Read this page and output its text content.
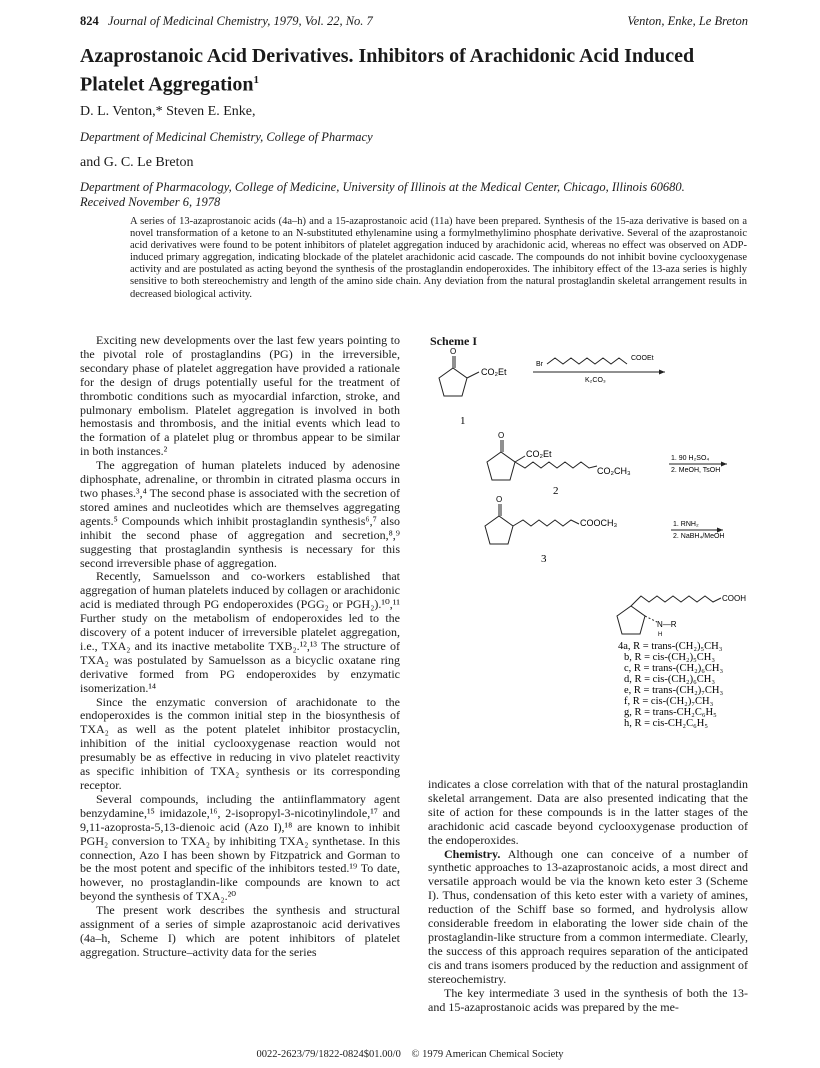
824 Journal of Medicinal Chemistry, 1979, Vol. 22, No. 7	Venton, Enke, Le Breton
Azaprostanoic Acid Derivatives. Inhibitors of Arachidonic Acid Induced Platelet Aggregation$^1$
D. L. Venton,* Steven E. Enke,
Department of Medicinal Chemistry, College of Pharmacy
and G. C. Le Breton
Department of Pharmacology, College of Medicine, University of Illinois at the Medical Center, Chicago, Illinois 60680.
Received November 6, 1978
A series of 13-azaprostanoic acids (4a–h) and a 15-azaprostanoic acid (11a) have been prepared. Synthesis of the 15-aza derivative is based on a novel transformation of a ketone to an N-substituted ethylenamine using a formylmethylimino phosphate derivative. Several of the azaprostanoic acid derivatives were found to be potent inhibitors of platelet aggregation induced by arachidonic acid, whereas no effect was observed on ADP-induced primary aggregation, indicating blockade of the platelet arachidonic acid cascade. The compounds do not inhibit bovine cyclooxygenase activity and are postulated as acting beyond the synthesis of the prostaglandin endoperoxides. The inhibitory effect of the 13-aza series is highly sensitive to both stereochemistry and length of the amino side chain. Any deviation from the natural prostaglandin skeletal arrangement results in decreased biological activity.

Exciting new developments over the last few years pointing to the pivotal role of prostaglandins (PG) in the irreversible, secondary phase of platelet aggregation have provided a rationale for the design of drugs potentially useful for the treatment of thrombotic conditions such as myocardial infarction, stroke, and pulmonary embolism. Platelet aggregation is involved in both hemostasis and thrombosis, and the initial events which lead to the formation of a platelet plug or thrombus appear to be similar in both instances.²

The aggregation of human platelets induced by adenosine diphosphate, adrenaline, or thrombin in citrated plasma occurs in two phases.³,⁴ The second phase is associated with the secretion of stored amines and nucleotides which are themselves aggregating agents.⁵ Compounds which inhibit prostaglandin synthesis⁶,⁷ also inhibit the second phase of aggregation and secretion,⁸,⁹ suggesting that prostaglandin synthesis is necessary for this second irreversible phase of aggregation.

Recently, Samuelsson and co-workers established that aggregation of human platelets induced by collagen or arachidonic acid is mediated through PG endoperoxides (PGG₂ or PGH₂).¹⁰,¹¹ Further study on the metabolism of endoperoxides led to the discovery of a potent inducer of irreversible platelet aggregation, i.e., TXA₂ and its inactive metabolite TXB₂.¹²,¹³ The structure of TXA₂ was postulated by Samuelsson as a bicyclic oxatane ring derivative formed from PG endoperoxides by enzymatic isomerization.¹⁴

Since the enzymatic conversion of arachidonate to the endoperoxides is the common initial step in the biosynthesis of TXA₂ as well as the potent platelet inhibitor prostacyclin, inhibition of the initial cyclooxygenase reaction would not presumably be as effective in reducing in vivo platelet reactivity as specific inhibition of TXA₂ synthesis or its corresponding receptor.

Several compounds, including the antiinflammatory agent benzydamine,¹⁵ imidazole,¹⁶, 2-isopropyl-3-nicotinylindole,¹⁷ and 9,11-azoprosta-5,13-dienoic acid (Azo I),¹⁸ are known to inhibit PGH₂ conversion to TXA₂ by inhibiting TXA₂ synthetase. In this connection, Azo I has been shown by Fitzpatrick and Gorman to be the most potent and specific of the inhibitors tested.¹⁹ To date, however, no prostaglandin-like compounds are known to act beyond the synthesis of TXA₂.²⁰

The present work describes the synthesis and structural assignment of a series of simple azaprostanoic acid derivatives (4a–h, Scheme I) which are potent inhibitors of platelet aggregation. Structure–activity data for the series

Scheme I
O
CO₂Et
1
Br
COOEt
K₂CO₃
O
CO₂Et
CO₂CH₃
2
1. 90 H₂SO₄
2. MeOH, TsOH
O
COOCH₃
3
1. RNH₂
2. NaBH₄/MeOH
COOH
N—R
H
4a, R = trans-(CH₂)₅CH₃
b, R = cis-(CH₂)₅CH₃
c, R = trans-(CH₂)₆CH₃
d, R = cis-(CH₂)₆CH₃
e, R = trans-(CH₂)₇CH₃
f, R = cis-(CH₂)₇CH₃
g, R = trans-CH₂C₆H₅
h, R = cis-CH₂C₆H₅

indicates a close correlation with that of the natural prostaglandin skeletal arrangement. Data are also presented indicating that the site of action for these compounds is in the latter stages of the arachidonic acid cascade beyond cyclooxygenase production of the endoperoxides.

Chemistry. Although one can conceive of a number of synthetic approaches to 13-azaprostanoic acids, a most direct and versatile approach would be via the known keto ester 3 (Scheme I). Thus, condensation of this keto ester with a variety of amines, reduction of the Schiff base so formed, and hydrolysis allow considerable freedom in elaborating the lower side chain of the prostaglandin-like structure from a common intermediate. Clearly, the success of this approach requires separation of the anticipated cis and trans isomers produced by the reduction and assignment of stereochemistry.

The key intermediate 3 used in the synthesis of both the 13- and 15-azaprostanoic acids was prepared by the me-

0022-2623/79/1822-0824$01.00/0 © 1979 American Chemical Society
